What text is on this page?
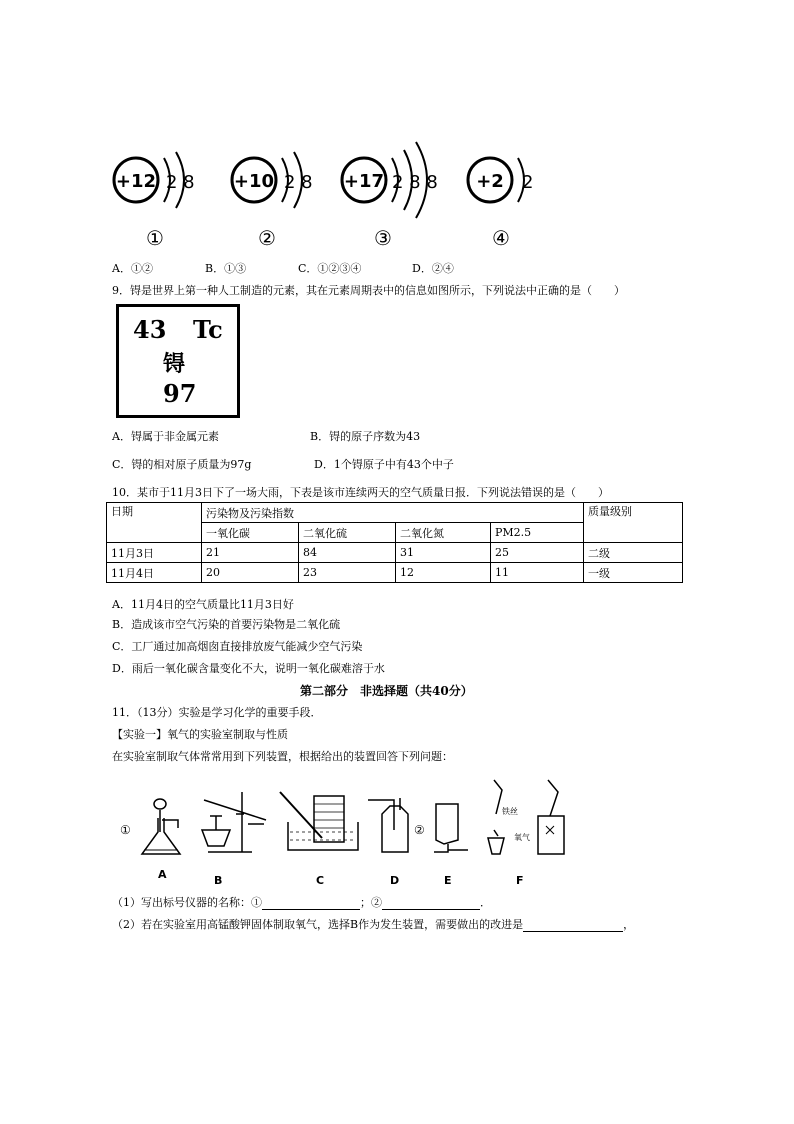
+12 2 8 +10 2 8 +17 2 8 8 +2 2
①	②	③	④
A．①②	B．①③	C．①②③④	D．②④
9．锝是世界上第一种人工制造的元素，其在元素周期表中的信息如图所示，下列说法中正确的是（　　）
43 Tc
锝
97
A．锝属于非金属元素	B．锝的原子序数为43
C．锝的相对原子质量为97g	D．1个锝原子中有43个中子
10．某市于11月3日下了一场大雨，下表是该市连续两天的空气质量日报．下列说法错误的是（　　）
日期	污染物及污染指数				质量级别
	一氧化碳	二氧化硫	二氧化氮	PM2.5	
11月3日	21	84	31	25	二级
11月4日	20	23	12	11	一级
A．11月4日的空气质量比11月3日好
B．造成该市空气污染的首要污染物是二氧化硫
C．工厂通过加高烟囱直接排放废气能减少空气污染
D．雨后一氧化碳含量变化不大，说明一氧化碳难溶于水
第二部分　非选择题（共40分）
11．（13分）实验是学习化学的重要手段．
【实验一】氧气的实验室制取与性质
在实验室制取气体常常用到下列装置，根据给出的装置回答下列问题：
①	②
铁丝
氧气
A	B	C	D	E	F
（1）写出标号仪器的名称：①	；②	．
（2）若在实验室用高锰酸钾固体制取氧气，选择B作为发生装置，需要做出的改进是	，
